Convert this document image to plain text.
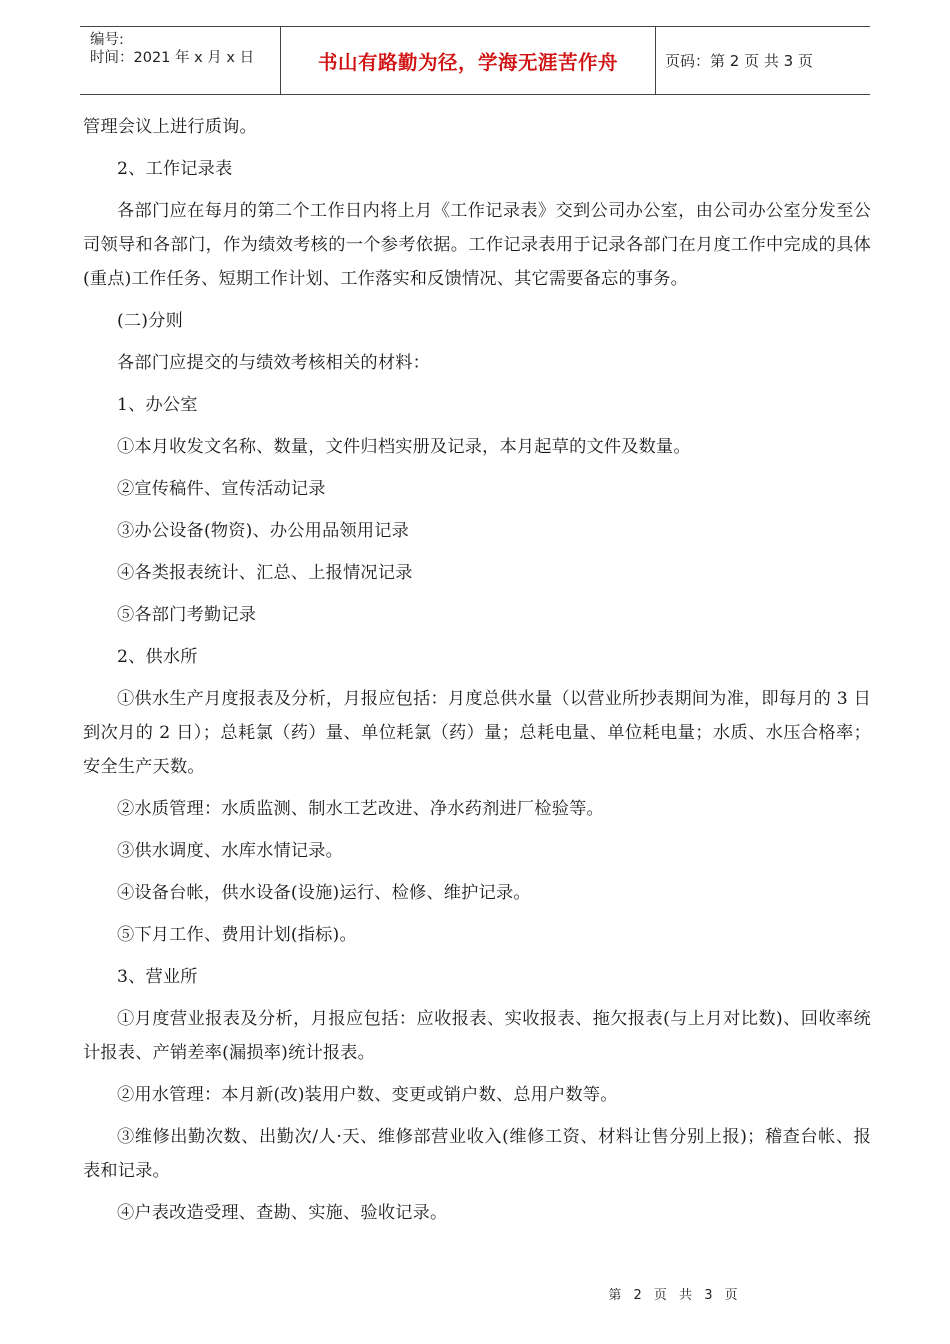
编号:
时间：2021 年 x 月 x 日	书山有路勤为径，学海无涯苦作舟	页码：第 2 页 共 3 页

管理会议上进行质询。

2、工作记录表

各部门应在每月的第二个工作日内将上月《工作记录表》交到公司办公室，由公司办公室分发至公司领导和各部门，作为绩效考核的一个参考依据。工作记录表用于记录各部门在月度工作中完成的具体(重点)工作任务、短期工作计划、工作落实和反馈情况、其它需要备忘的事务。

(二)分则

各部门应提交的与绩效考核相关的材料：

1、办公室

①本月收发文名称、数量，文件归档实册及记录，本月起草的文件及数量。

②宣传稿件、宣传活动记录

③办公设备(物资)、办公用品领用记录

④各类报表统计、汇总、上报情况记录

⑤各部门考勤记录

2、供水所

①供水生产月度报表及分析，月报应包括：月度总供水量（以营业所抄表期间为准，即每月的 3 日到次月的 2 日）；总耗氯（药）量、单位耗氯（药）量；总耗电量、单位耗电量；水质、水压合格率；安全生产天数。

②水质管理：水质监测、制水工艺改进、净水药剂进厂检验等。

③供水调度、水库水情记录。

④设备台帐，供水设备(设施)运行、检修、维护记录。

⑤下月工作、费用计划(指标)。

3、营业所

①月度营业报表及分析，月报应包括：应收报表、实收报表、拖欠报表(与上月对比数)、回收率统计报表、产销差率(漏损率)统计报表。

②用水管理：本月新(改)装用户数、变更或销户数、总用户数等。

③维修出勤次数、出勤次/人·天、维修部营业收入(维修工资、材料让售分别上报)；稽查台帐、报表和记录。

④户表改造受理、查勘、实施、验收记录。

第 2 页 共 3 页
